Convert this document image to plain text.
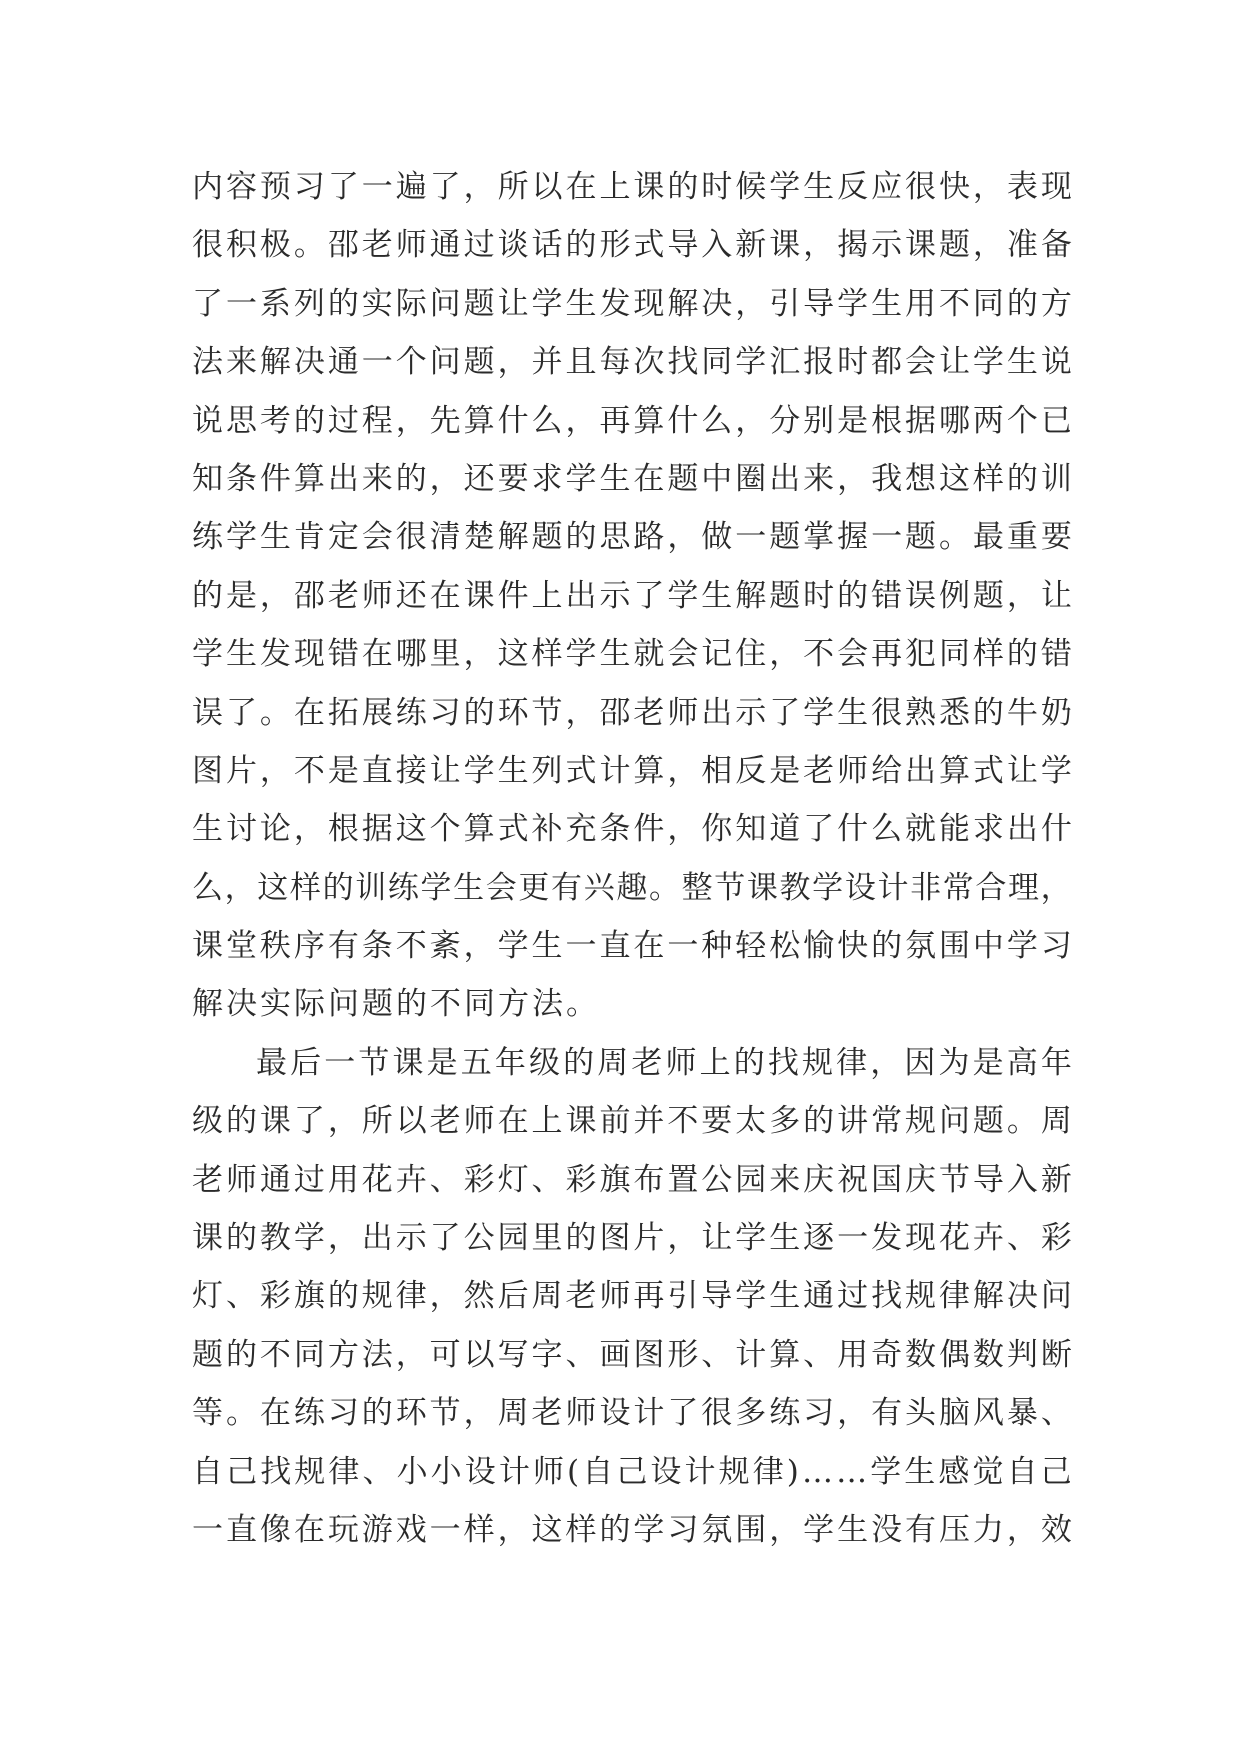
内 容 预 习 了 一 遍 了 ， 所 以 在 上 课 的 时 候 学 生 反 应 很 快 ， 表 现
很 积 极 。 邵 老 师 通 过 谈 话 的 形 式 导 入 新 课 ， 揭 示 课 题 ， 准 备
了 一 系 列 的 实 际 问 题 让 学 生 发 现 解 决 ， 引 导 学 生 用 不 同 的 方
法 来 解 决 通 一 个 问 题 ， 并 且 每 次 找 同 学 汇 报 时 都 会 让 学 生 说
说 思 考 的 过 程 ， 先 算 什 么 ， 再 算 什 么 ， 分 别 是 根 据 哪 两 个 已
知 条 件 算 出 来 的 ， 还 要 求 学 生 在 题 中 圈 出 来 ， 我 想 这 样 的 训
练 学 生 肯 定 会 很 清 楚 解 题 的 思 路 ， 做 一 题 掌 握 一 题 。 最 重 要
的 是 ， 邵 老 师 还 在 课 件 上 出 示 了 学 生 解 题 时 的 错 误 例 题 ， 让
学 生 发 现 错 在 哪 里 ， 这 样 学 生 就 会 记 住 ， 不 会 再 犯 同 样 的 错
误 了 。 在 拓 展 练 习 的 环 节 ， 邵 老 师 出 示 了 学 生 很 熟 悉 的 牛 奶
图 片 ， 不 是 直 接 让 学 生 列 式 计 算 ， 相 反 是 老 师 给 出 算 式 让 学
生 讨 论 ， 根 据 这 个 算 式 补 充 条 件 ， 你 知 道 了 什 么 就 能 求 出 什
么 ， 这 样 的 训 练 学 生 会 更 有 兴 趣 。 整 节 课 教 学 设 计 非 常 合 理 ，
课 堂 秩 序 有 条 不 紊 ， 学 生 一 直 在 一 种 轻 松 愉 快 的 氛 围 中 学 习
解决实际问题的不同方法。
最 后 一 节 课 是 五 年 级 的 周 老 师 上 的 找 规 律 ， 因 为 是 高 年
级 的 课 了 ， 所 以 老 师 在 上 课 前 并 不 要 太 多 的 讲 常 规 问 题 。 周
老 师 通 过 用 花 卉 、 彩 灯 、 彩 旗 布 置 公 园 来 庆 祝 国 庆 节 导 入 新
课 的 教 学 ， 出 示 了 公 园 里 的 图 片 ， 让 学 生 逐 一 发 现 花 卉 、 彩
灯 、 彩 旗 的 规 律 ， 然 后 周 老 师 再 引 导 学 生 通 过 找 规 律 解 决 问
题 的 不 同 方 法 ， 可 以 写 字 、 画 图 形 、 计 算 、 用 奇 数 偶 数 判 断
等 。 在 练 习 的 环 节 ， 周 老 师 设 计 了 很 多 练 习 ， 有 头 脑 风 暴 、
自 己 找 规 律 、 小 小 设 计 师 ( 自 己 设 计 规 律 ) … … 学 生 感 觉 自 己
一 直 像 在 玩 游 戏 一 样 ， 这 样 的 学 习 氛 围 ， 学 生 没 有 压 力 ， 效
